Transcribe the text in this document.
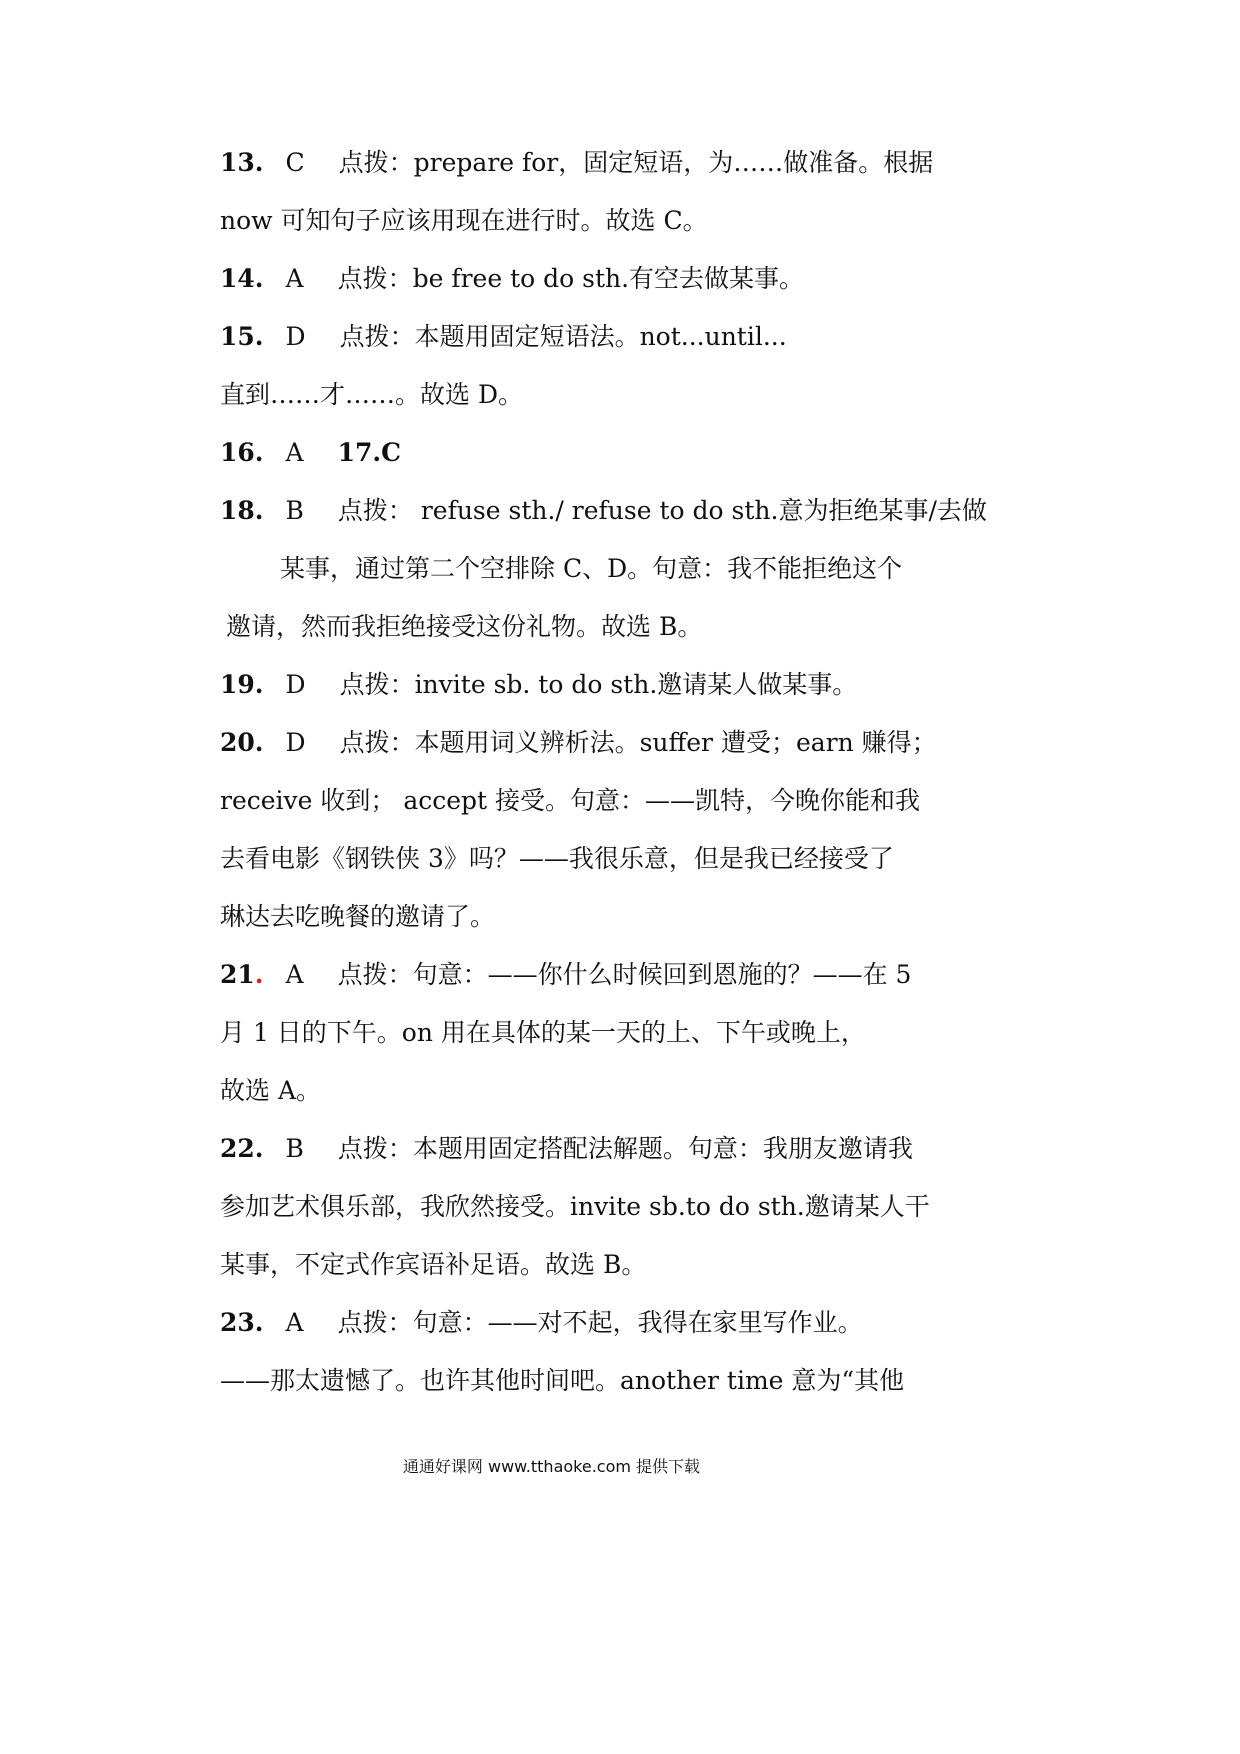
13. C 点拨：prepare for，固定短语，为……做准备。根据
now 可知句子应该用现在进行时。故选 C。
14. A 点拨：be free to do sth.有空去做某事。
15. D 点拨：本题用固定短语法。not...until...
直到……才……。故选 D。
16. A 17.C
18. B 点拨： refuse sth./ refuse to do sth.意为拒绝某事/去做
某事，通过第二个空排除 C、D。句意：我不能拒绝这个
邀请，然而我拒绝接受这份礼物。故选 B。
19. D 点拨：invite sb. to do sth.邀请某人做某事。
20. D 点拨：本题用词义辨析法。suffer 遭受；earn 赚得；
receive 收到； accept 接受。句意：——凯特，今晚你能和我
去看电影《钢铁侠 3》吗？——我很乐意，但是我已经接受了
琳达去吃晚餐的邀请了。
21. A 点拨：句意：——你什么时候回到恩施的？——在 5
月 1 日的下午。on 用在具体的某一天的上、下午或晚上，
故选 A。
22. B 点拨：本题用固定搭配法解题。句意：我朋友邀请我
参加艺术俱乐部，我欣然接受。invite sb.to do sth.邀请某人干
某事，不定式作宾语补足语。故选 B。
23. A 点拨：句意：——对不起，我得在家里写作业。
——那太遗憾了。也许其他时间吧。another time 意为“其他
通通好课网 www.tthaoke.com 提供下载
